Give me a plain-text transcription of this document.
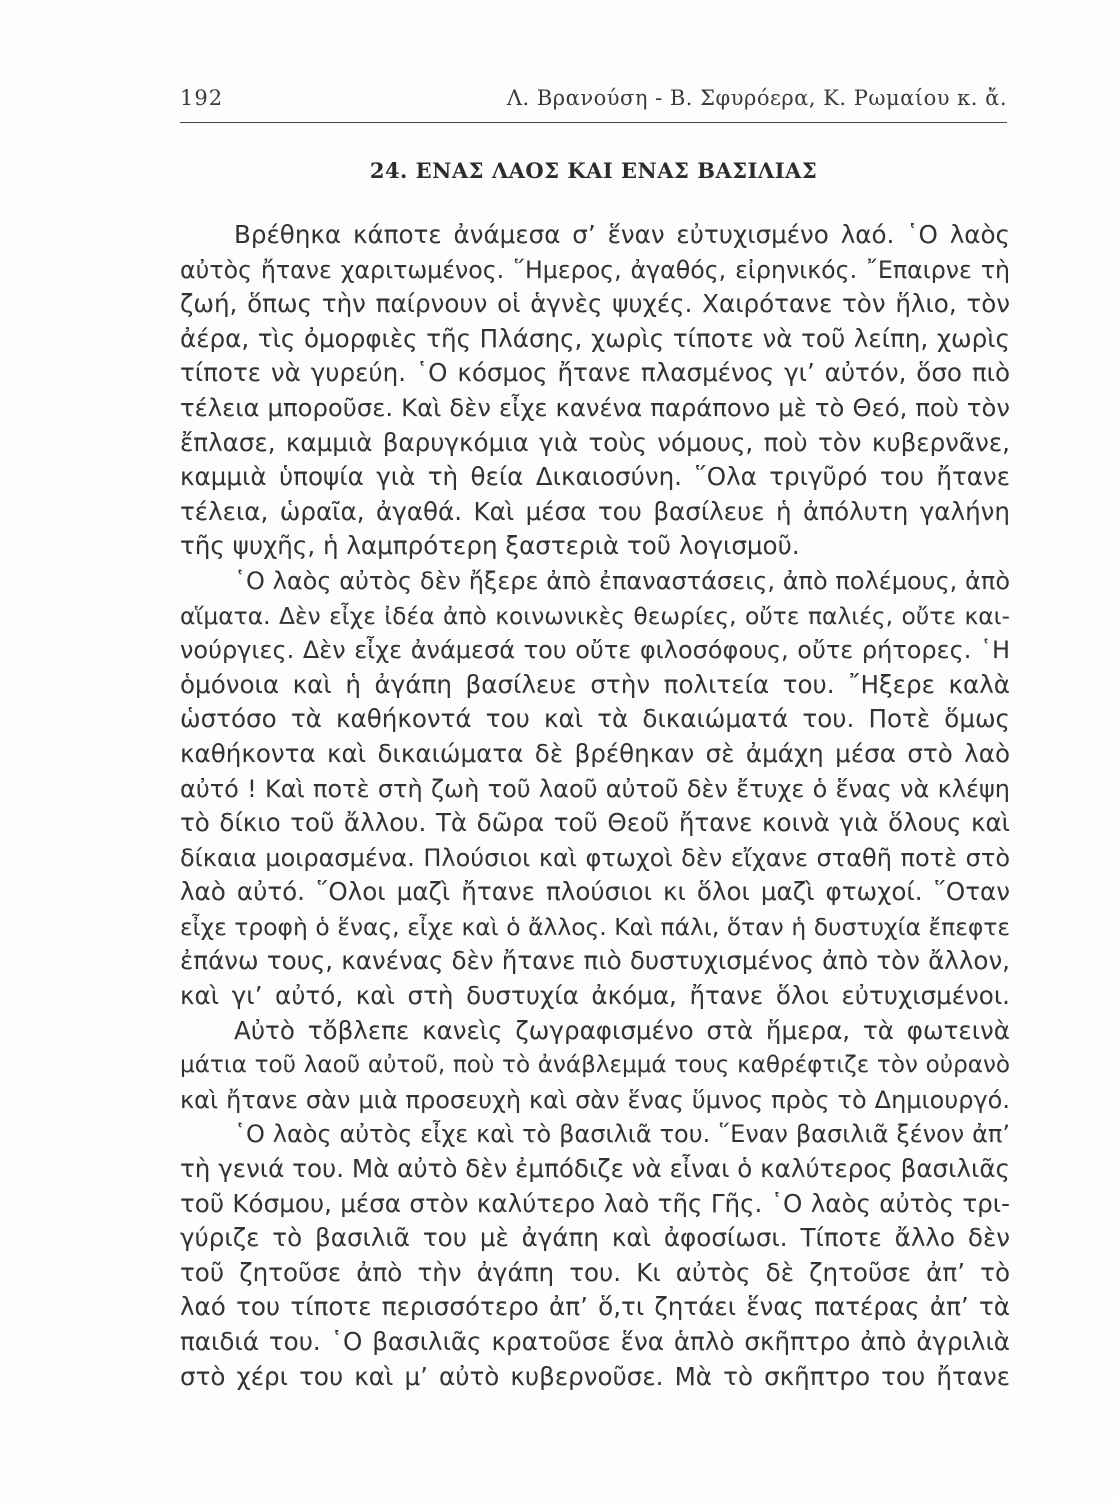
192	Λ. Βρανούση - Β. Σφυρόερα, Κ. Ρωμαίου κ. ἄ.
24. ΕΝΑΣ ΛΑΟΣ ΚΑΙ ΕΝΑΣ ΒΑΣΙΛΙΑΣ
Βρέθηκα κάποτε ἀνάμεσα σ’ ἕναν εὐτυχισμένο λαό. ῾Ο λαὸς
αὐτὸς ἤτανε χαριτωμένος. ῞Ημερος, ἀγαθός, εἰρηνικός. ῎Επαιρνε τὴ
ζωή, ὅπως τὴν παίρνουν οἱ ἁγνὲς ψυχές. Χαιρότανε τὸν ἥλιο, τὸν
ἀέρα, τὶς ὀμορφιὲς τῆς Πλάσης, χωρὶς τίποτε νὰ τοῦ λείπη, χωρὶς
τίποτε νὰ γυρεύη. ῾Ο κόσμος ἤτανε πλασμένος γι’ αὐτόν, ὅσο πιὸ
τέλεια μποροῦσε. Καὶ δὲν εἶχε κανένα παράπονο μὲ τὸ Θεό, ποὺ τὸν
ἔπλασε, καμμιὰ βαρυγκόμια γιὰ τοὺς νόμους, ποὺ τὸν κυβερνᾶνε,
καμμιὰ ὑποψία γιὰ τὴ θεία Δικαιοσύνη. ῞Ολα τριγῦρό του ἤτανε
τέλεια, ὡραῖα, ἀγαθά. Καὶ μέσα του βασίλευε ἡ ἀπόλυτη γαλήνη
τῆς ψυχῆς, ἡ λαμπρότερη ξαστεριὰ τοῦ λογισμοῦ.
῾Ο λαὸς αὐτὸς δὲν ἤξερε ἀπὸ ἐπαναστάσεις, ἀπὸ πολέμους, ἀπὸ
αἵματα. Δὲν εἶχε ἰδέα ἀπὸ κοινωνικὲς θεωρίες, οὔτε παλιές, οὔτε και-
νούργιες. Δὲν εἶχε ἀνάμεσά του οὔτε φιλοσόφους, οὔτε ρήτορες. ῾Η
ὁμόνοια καὶ ἡ ἀγάπη βασίλευε στὴν πολιτεία του. ῎Ηξερε καλὰ
ὡστόσο τὰ καθήκοντά του καὶ τὰ δικαιώματά του. Ποτὲ ὅμως
καθήκοντα καὶ δικαιώματα δὲ βρέθηκαν σὲ ἀμάχη μέσα στὸ λαὸ
αὐτό ! Καὶ ποτὲ στὴ ζωὴ τοῦ λαοῦ αὐτοῦ δὲν ἔτυχε ὁ ἕνας νὰ κλέψη
τὸ δίκιο τοῦ ἄλλου. Τὰ δῶρα τοῦ Θεοῦ ἤτανε κοινὰ γιὰ ὅλους καὶ
δίκαια μοιρασμένα. Πλούσιοι καὶ φτωχοὶ δὲν εἴχανε σταθῆ ποτὲ στὸ
λαὸ αὐτό. ῞Ολοι μαζὶ ἤτανε πλούσιοι κι ὅλοι μαζὶ φτωχοί. ῞Οταν
εἶχε τροφὴ ὁ ἕνας, εἶχε καὶ ὁ ἄλλος. Καὶ πάλι, ὅταν ἡ δυστυχία ἔπεφτε
ἐπάνω τους, κανένας δὲν ἤτανε πιὸ δυστυχισμένος ἀπὸ τὸν ἄλλον,
καὶ γι’ αὐτό, καὶ στὴ δυστυχία ἀκόμα, ἤτανε ὅλοι εὐτυχισμένοι.
Αὐτὸ τὄβλεπε κανεὶς ζωγραφισμένο στὰ ἥμερα, τὰ φωτεινὰ
μάτια τοῦ λαοῦ αὐτοῦ, ποὺ τὸ ἀνάβλεμμά τους καθρέφτιζε τὸν οὐρανὸ
καὶ ἤτανε σὰν μιὰ προσευχὴ καὶ σὰν ἕνας ὕμνος πρὸς τὸ Δημιουργό.
῾Ο λαὸς αὐτὸς εἶχε καὶ τὸ βασιλιᾶ του. ῞Εναν βασιλιᾶ ξένον ἀπ’
τὴ γενιά του. Μὰ αὐτὸ δὲν ἐμπόδιζε νὰ εἶναι ὁ καλύτερος βασιλιᾶς
τοῦ Κόσμου, μέσα στὸν καλύτερο λαὸ τῆς Γῆς. ῾Ο λαὸς αὐτὸς τρι-
γύριζε τὸ βασιλιᾶ του μὲ ἀγάπη καὶ ἀφοσίωσι. Τίποτε ἄλλο δὲν
τοῦ ζητοῦσε ἀπὸ τὴν ἀγάπη του. Κι αὐτὸς δὲ ζητοῦσε ἀπ’ τὸ
λαό του τίποτε περισσότερο ἀπ’ ὅ,τι ζητάει ἕνας πατέρας ἀπ’ τὰ
παιδιά του. ῾Ο βασιλιᾶς κρατοῦσε ἕνα ἁπλὸ σκῆπτρο ἀπὸ ἀγριλιὰ
στὸ χέρι του καὶ μ’ αὐτὸ κυβερνοῦσε. Μὰ τὸ σκῆπτρο του ἤτανε
